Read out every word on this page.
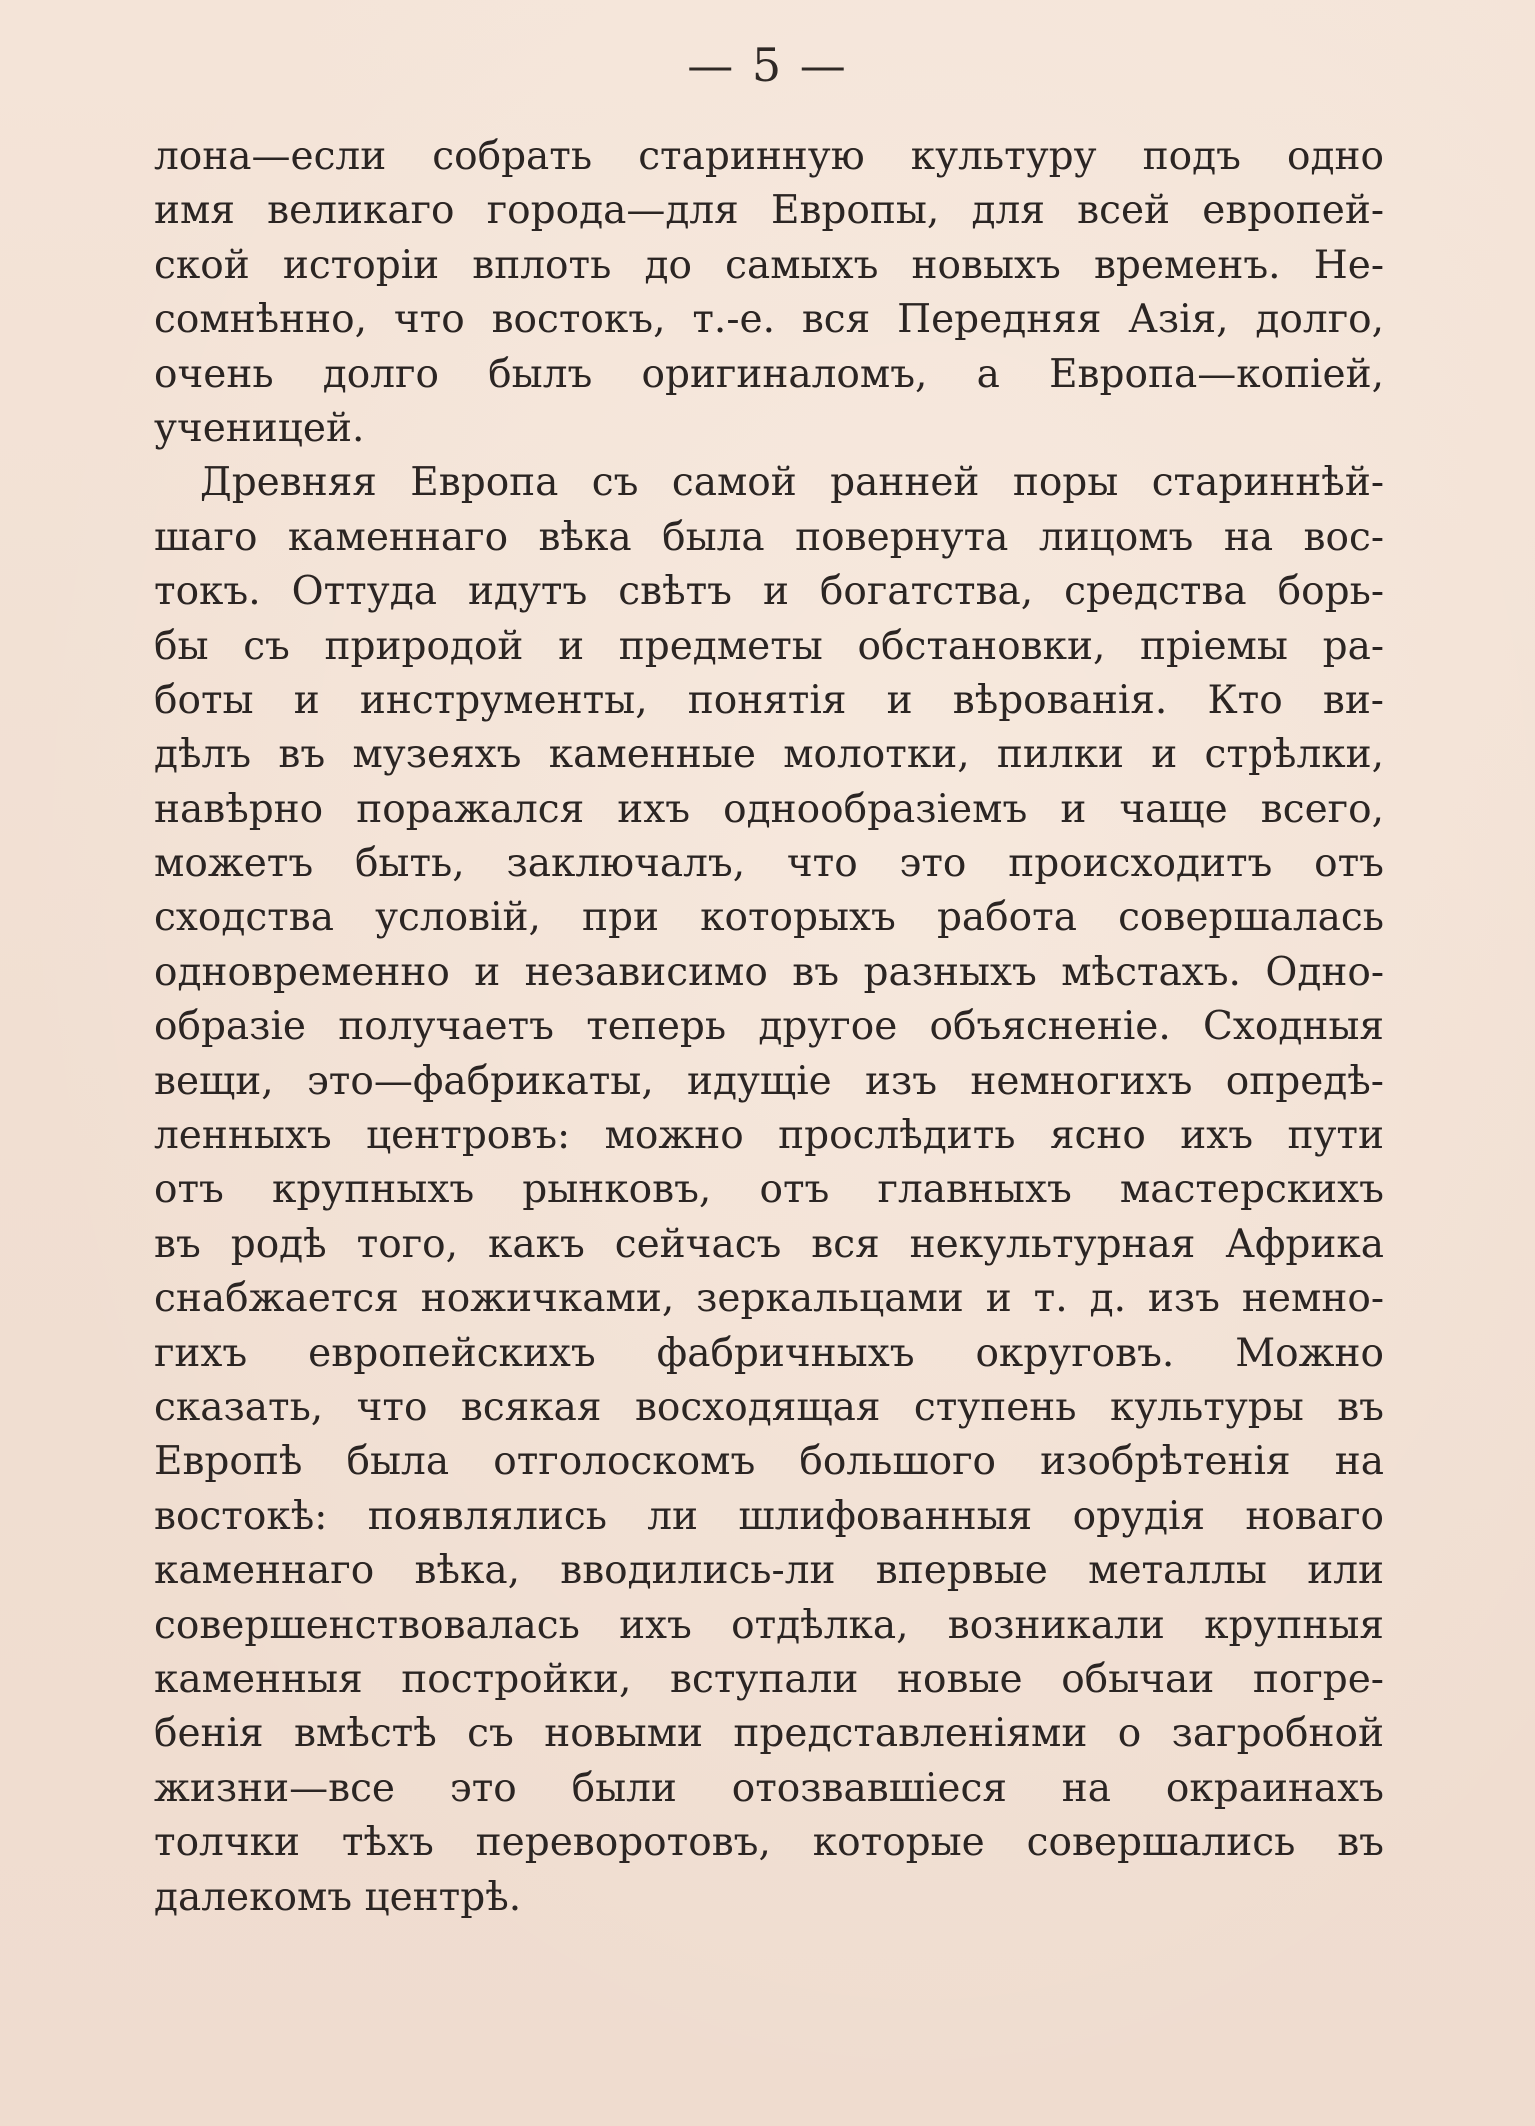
— 5 —
лона—если собрать старинную культуру подъ одно
имя великаго города—для Европы, для всей европей-
ской исторіи вплоть до самыхъ новыхъ временъ. Не-
сомнѣнно, что востокъ, т.-е. вся Передняя Азія, долго,
очень долго былъ оригиналомъ, а Европа—копіей,
ученицей.
Древняя Европа съ самой ранней поры стариннѣй-
шаго каменнаго вѣка была повернута лицомъ на вос-
токъ. Оттуда идутъ свѣтъ и богатства, средства борь-
бы съ природой и предметы обстановки, пріемы ра-
боты и инструменты, понятія и вѣрованія. Кто ви-
дѣлъ въ музеяхъ каменные молотки, пилки и стрѣлки,
навѣрно поражался ихъ однообразіемъ и чаще всего,
можетъ быть, заключалъ, что это происходитъ отъ
сходства условій, при которыхъ работа совершалась
одновременно и независимо въ разныхъ мѣстахъ. Одно-
образіе получаетъ теперь другое объясненіе. Сходныя
вещи, это—фабрикаты, идущіе изъ немногихъ опредѣ-
ленныхъ центровъ: можно прослѣдить ясно ихъ пути
отъ крупныхъ рынковъ, отъ главныхъ мастерскихъ
въ родѣ того, какъ сейчасъ вся некультурная Африка
снабжается ножичками, зеркальцами и т. д. изъ немно-
гихъ европейскихъ фабричныхъ округовъ. Можно
сказать, что всякая восходящая ступень культуры въ
Европѣ была отголоскомъ большого изобрѣтенія на
востокѣ: появлялись ли шлифованныя орудія новаго
каменнаго вѣка, вводились-ли впервые металлы или
совершенствовалась ихъ отдѣлка, возникали крупныя
каменныя постройки, вступали новые обычаи погре-
бенія вмѣстѣ съ новыми представленіями о загробной
жизни—все это были отозвавшіеся на окраинахъ
толчки тѣхъ переворотовъ, которые совершались въ
далекомъ центрѣ.
